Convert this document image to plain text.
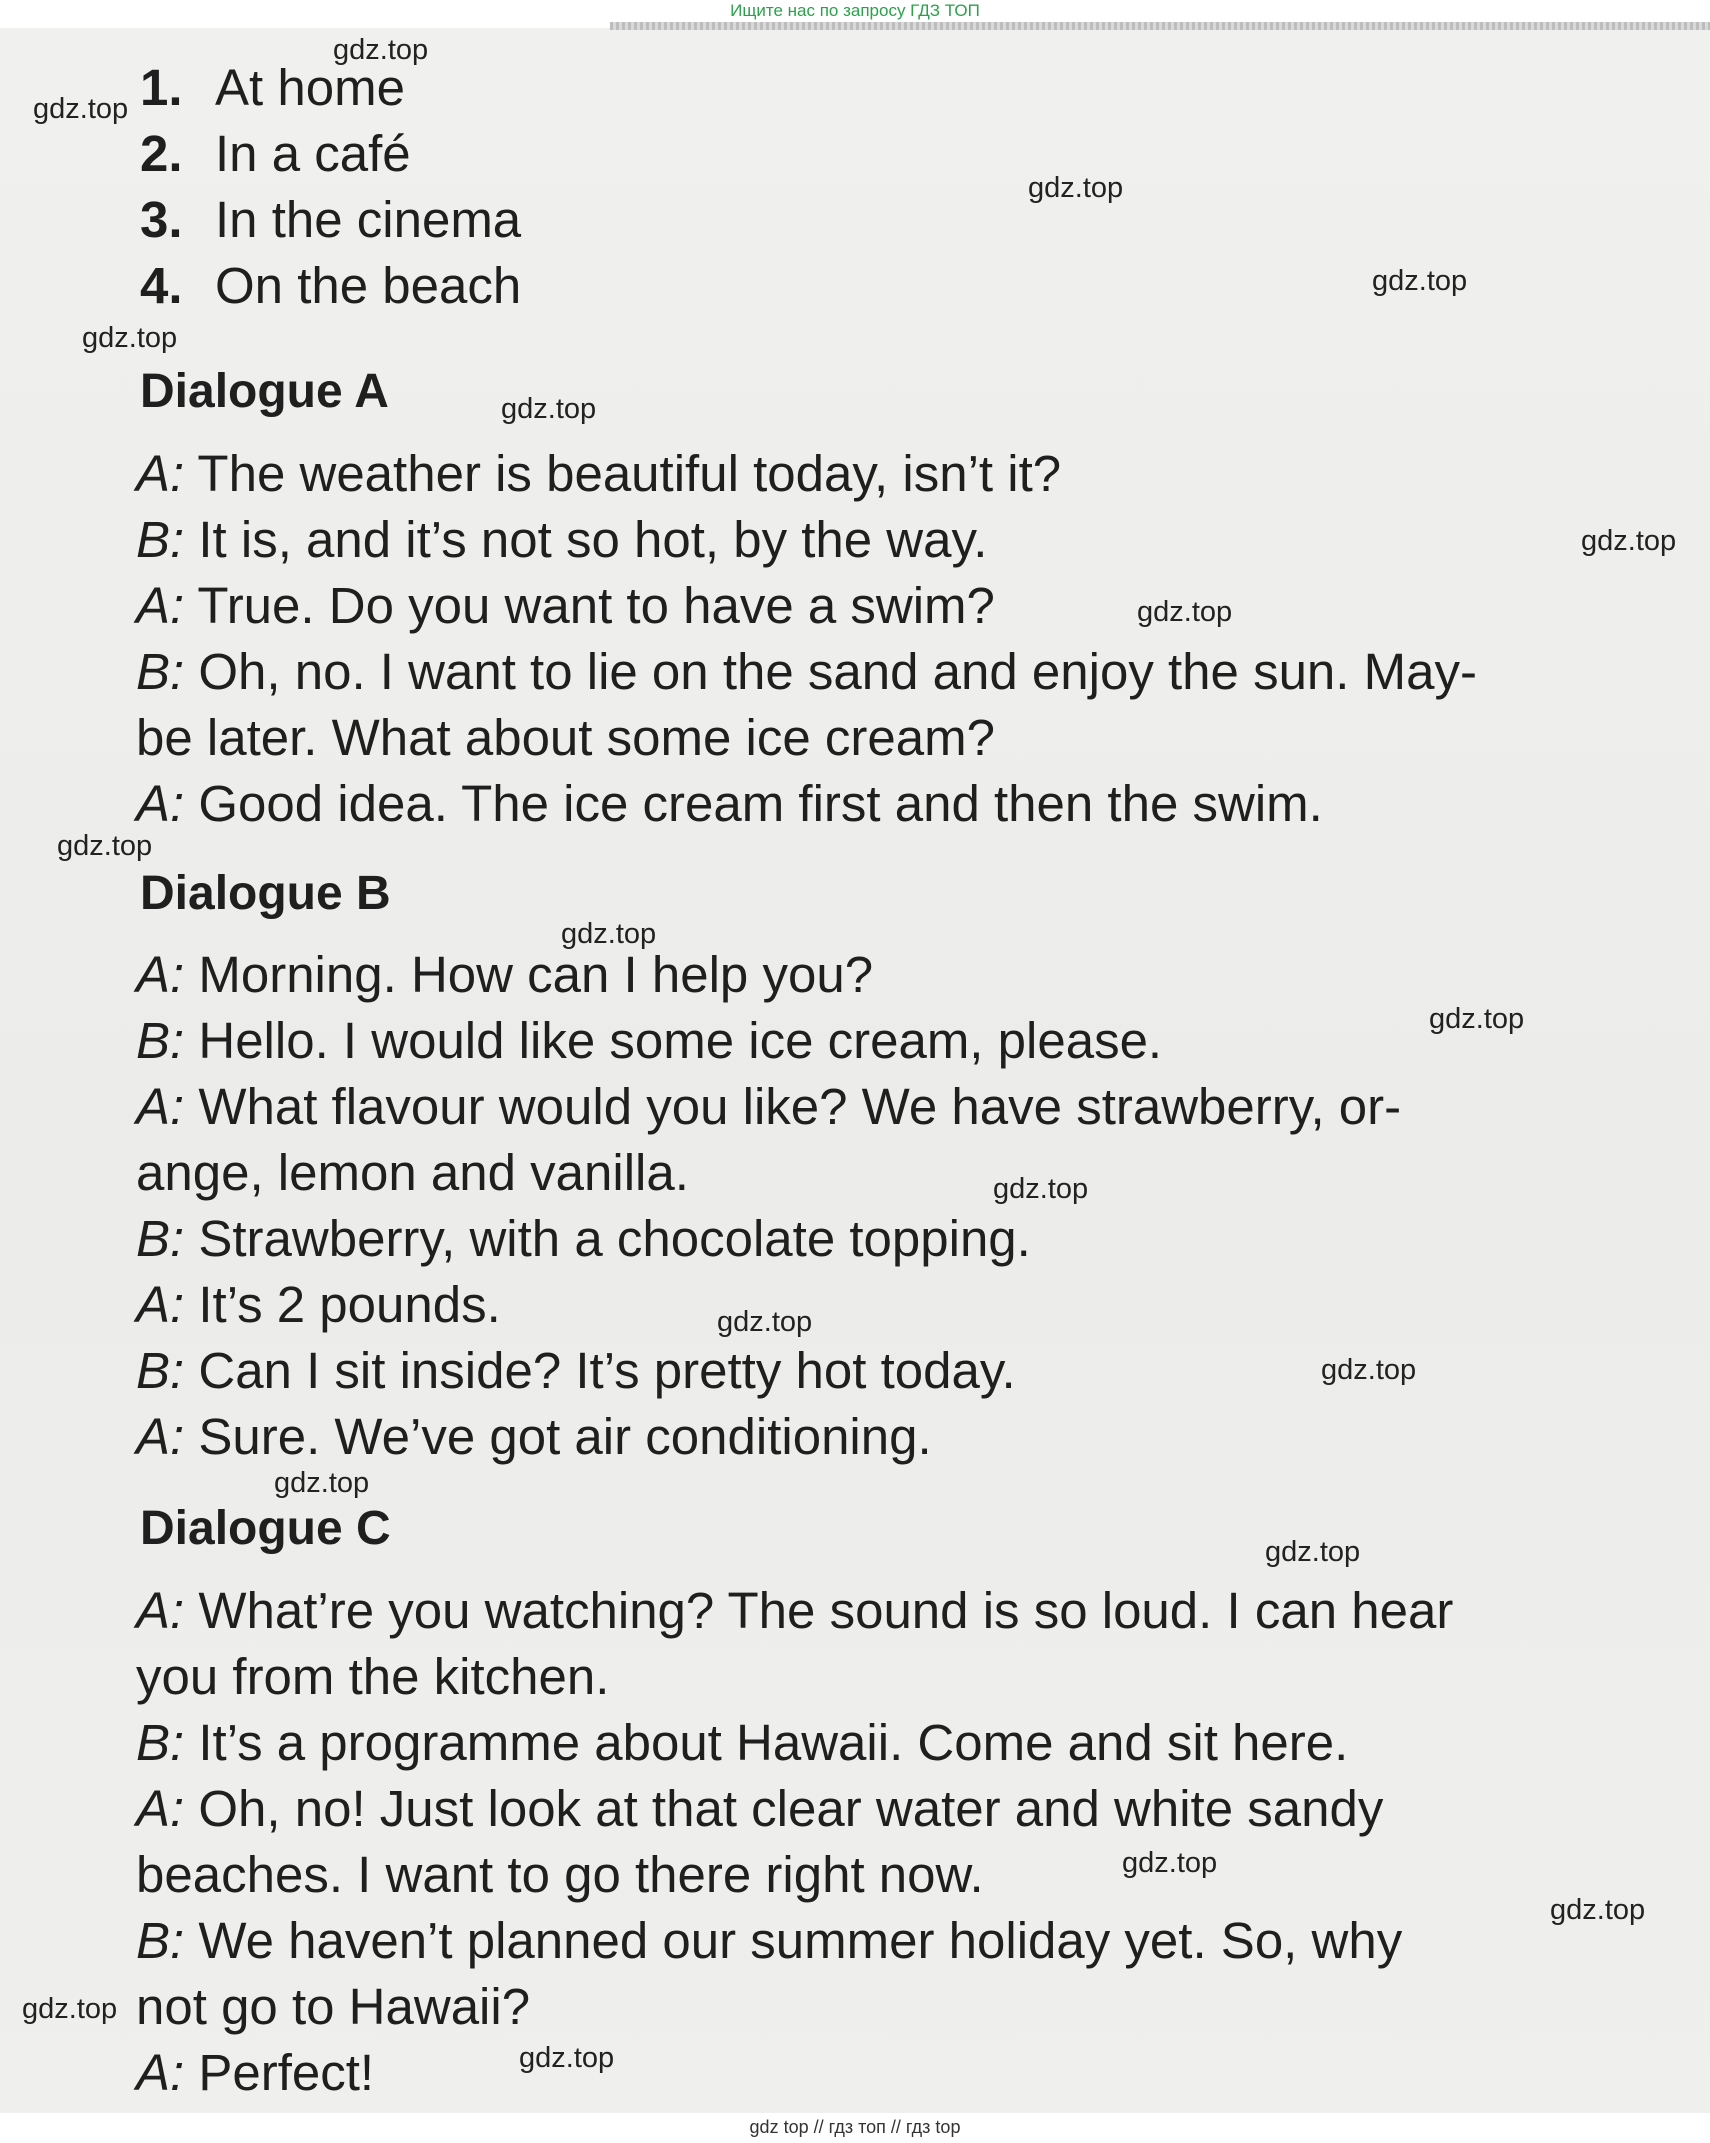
Ищите нас по запросу ГДЗ ТОП
1. At home
2. In a café
3. In the cinema
4. On the beach
Dialogue A
A: The weather is beautiful today, isn’t it?
B: It is, and it’s not so hot, by the way.
A: True. Do you want to have a swim?
B: Oh, no. I want to lie on the sand and enjoy the sun. May-
be later. What about some ice cream?
A: Good idea. The ice cream first and then the swim.
Dialogue B
A: Morning. How can I help you?
B: Hello. I would like some ice cream, please.
A: What flavour would you like? We have strawberry, or-
ange, lemon and vanilla.
B: Strawberry, with a chocolate topping.
A: It’s 2 pounds.
B: Can I sit inside? It’s pretty hot today.
A: Sure. We’ve got air conditioning.
Dialogue C
A: What’re you watching? The sound is so loud. I can hear
you from the kitchen.
B: It’s a programme about Hawaii. Come and sit here.
A: Oh, no! Just look at that clear water and white sandy
beaches. I want to go there right now.
B: We haven’t planned our summer holiday yet. So, why
not go to Hawaii?
A: Perfect!
gdz.top
gdz.top
gdz.top
gdz.top
gdz.top
gdz.top
gdz.top
gdz.top
gdz.top
gdz.top
gdz.top
gdz.top
gdz.top
gdz.top
gdz.top
gdz.top
gdz.top
gdz.top
gdz.top
gdz.top
gdz top // гдз топ // гдз top
